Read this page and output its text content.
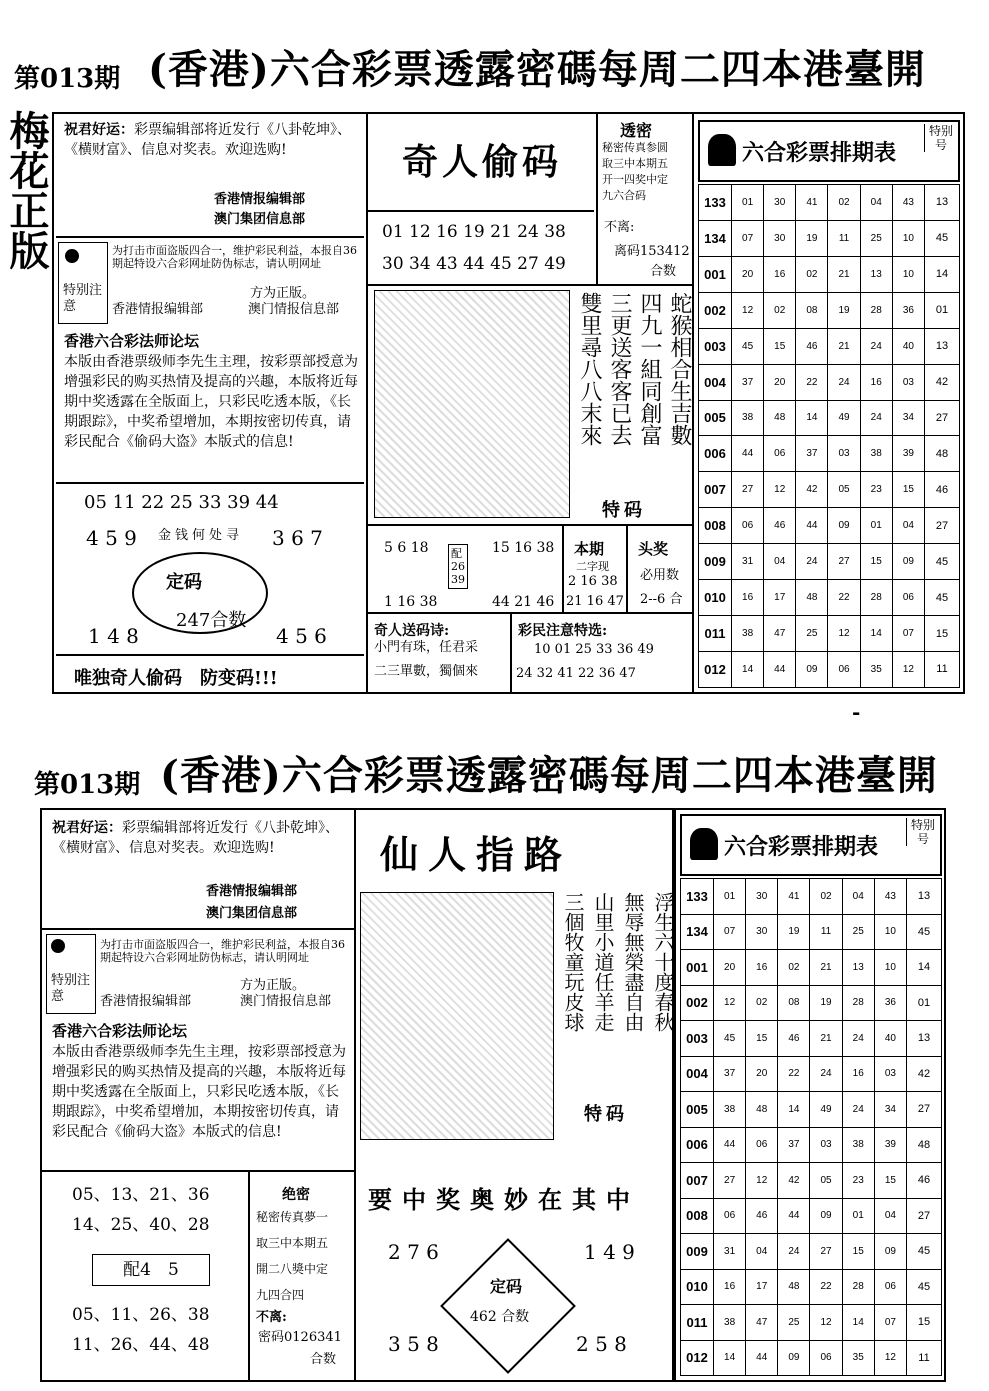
第013期 (香港)六合彩票透露密碼每周二四本港臺開
梅花正版 祝君好运：彩票编辑部将近发行《八卦乾坤》、《横财富》、信息对奖表。欢迎选购!
香港情报编辑部
澳门集团信息部
特别注意
为打击市面盗版四合一，维护彩民利益，本报自36期起特设六合彩网址防伪标志，请认明网址
方为正版。
香港情报编辑部	澳门情报信息部
香港六合彩法师论坛
本版由香港票级师李先生主理，按彩票部授意为增强彩民的购买热情及提高的兴趣，本版将近每期中奖透露在全版面上，只彩民吃透本版，《长期跟踪》，中奖希望增加，本期按密切传真，请彩民配合《偷码大盗》本版式的信息!
05 11 22 25 33 39 44
4 5 9	3 6 7
金钱何处寻
定码
247合数
1 4 8	4 5 6
唯独奇人偷码　防变码!!!
奇人偷码
01 12 16 19 21 24 38
30 34 43 44 45 27 49
透密
秘密传真参圆
取三中本期五
开一四奖中定
九六合码
不离:
离码153412
合数
蛇猴相合生吉數
四九一組同創富
三更送客客已去
雙里尋八八末來
特码
5 6 18
1 16 38
配
26
39
15 16 38
44 21 46
本期
二字现
2 16 38
21 16 47
头奖
必用数
2--6 合
奇人送码诗:
小門有珠，任君采
二三單數，獨個來
彩民注意特选:
10 01 25 33 36 49
24 32 41 22 36 47
六合彩票排期表
特别号
133	01	30	41	02	04	43	13
134	07	30	19	11	25	10	45
001	20	16	02	21	13	10	14
002	12	02	08	19	28	36	01
003	45	15	46	21	24	40	13
004	37	20	22	24	16	03	42
005	38	48	14	49	24	34	27
006	44	06	37	03	38	39	48
007	27	12	42	05	23	15	46
008	06	46	44	09	01	04	27
009	31	04	24	27	15	09	45
010	16	17	48	22	28	06	45
011	38	47	25	12	14	07	15
012	14	44	09	06	35	12	11
-
第013期 (香港)六合彩票透露密碼每周二四本港臺開
祝君好运：彩票编辑部将近发行《八卦乾坤》、《横财富》、信息对奖表。欢迎选购!
香港情报编辑部
澳门集团信息部
特别注意
为打击市面盗版四合一，维护彩民利益，本报自36期起特设六合彩网址防伪标志，请认明网址
方为正版。
香港情报编辑部	澳门情报信息部
香港六合彩法师论坛
本版由香港票级师李先生主理，按彩票部授意为增强彩民的购买热情及提高的兴趣，本版将近每期中奖透露在全版面上，只彩民吃透本版，《长期跟踪》，中奖希望增加，本期按密切传真，请彩民配合《偷码大盗》本版式的信息!
05、13、21、36
14、25、40、28
配4　5
05、11、26、38
11、26、44、48
绝密
秘密传真夢一
取三中本期五
開二八獎中定
九四合四
不离:
密码0126341
合数
仙人指路
浮生六十度春秋
無辱無榮盡自由
山里小道任羊走
三個牧童玩皮球
特码
要中奖奥妙在其中
2 7 6	1 4 9
定码
462 合数
3 5 8	2 5 8
六合彩票排期表
特别号
133	01	30	41	02	04	43	13
134	07	30	19	11	25	10	45
001	20	16	02	21	13	10	14
002	12	02	08	19	28	36	01
003	45	15	46	21	24	40	13
004	37	20	22	24	16	03	42
005	38	48	14	49	24	34	27
006	44	06	37	03	38	39	48
007	27	12	42	05	23	15	46
008	06	46	44	09	01	04	27
009	31	04	24	27	15	09	45
010	16	17	48	22	28	06	45
011	38	47	25	12	14	07	15
012	14	44	09	06	35	12	11
